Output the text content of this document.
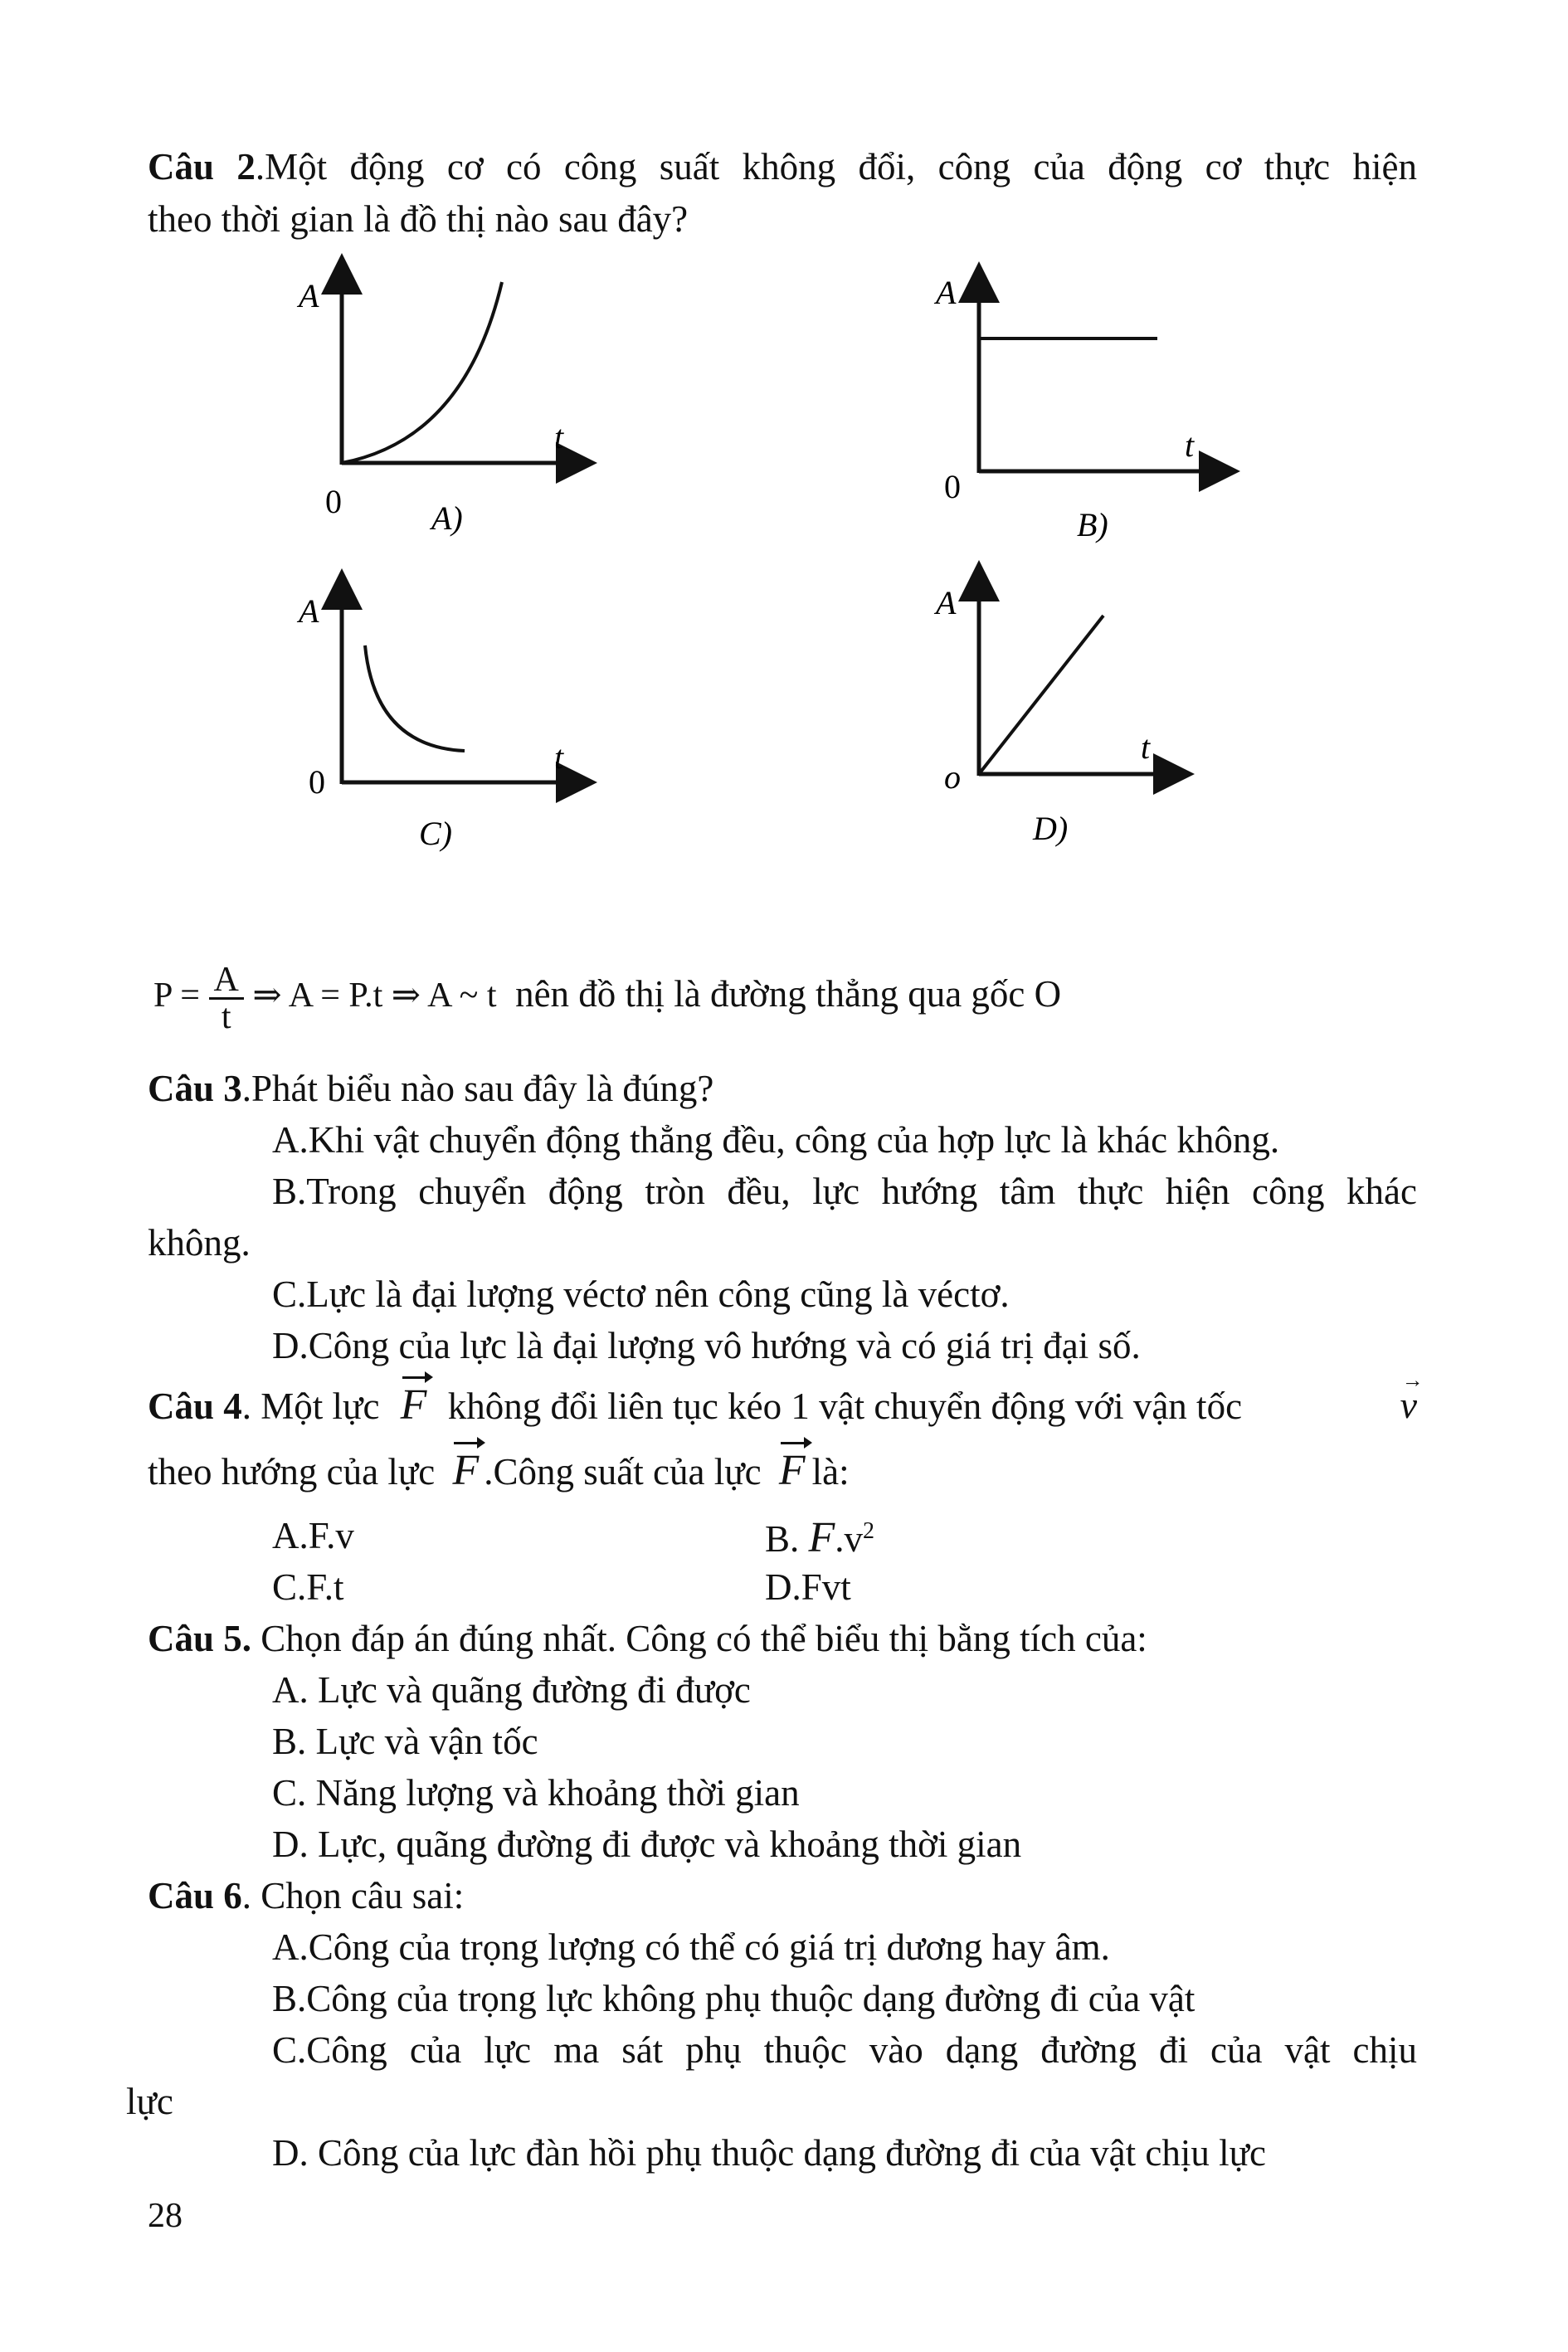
Câu 2.Một động cơ có công suất không đổi, công của động cơ thực hiện
theo thời gian là đồ thị nào sau đây?
A
t
0	A)
A
t
0
B)
A
t
0
C)
A
t
o
D)
$P = \frac{A}{t}$ ⇒ A = P.t ⇒ A ~ t nên đồ thị là đường thẳng qua gốc O
Câu 3.Phát biểu nào sau đây là đúng?
A.Khi vật chuyển động thẳng đều, công của hợp lực là khác không.
B.Trong chuyển động tròn đều, lực hướng tâm thực hiện công khác
không.
C.Lực là đại lượng véctơ nên công cũng là véctơ.
D.Công của lực là đại lượng vô hướng và có giá trị đại số.
Câu 4. Một lực F không đổi liên tục kéo 1 vật chuyển động với vận tốc	v →
theo hướng của lực F .Công suất của lực F là:
A.F.v	B. $F.v^2$
C.F.t	D.Fvt
Câu 5. Chọn đáp án đúng nhất. Công có thể biểu thị bằng tích của:
A. Lực và quãng đường đi được
B. Lực và vận tốc
C. Năng lượng và khoảng thời gian
D. Lực, quãng đường đi được và khoảng thời gian
Câu 6. Chọn câu sai:
A.Công của trọng lượng có thể có giá trị dương hay âm.
B.Công của trọng lực không phụ thuộc dạng đường đi của vật
C.Công của lực ma sát phụ thuộc vào dạng đường đi của vật chịu
lực
D. Công của lực đàn hồi phụ thuộc dạng đường đi của vật chịu lực
28
